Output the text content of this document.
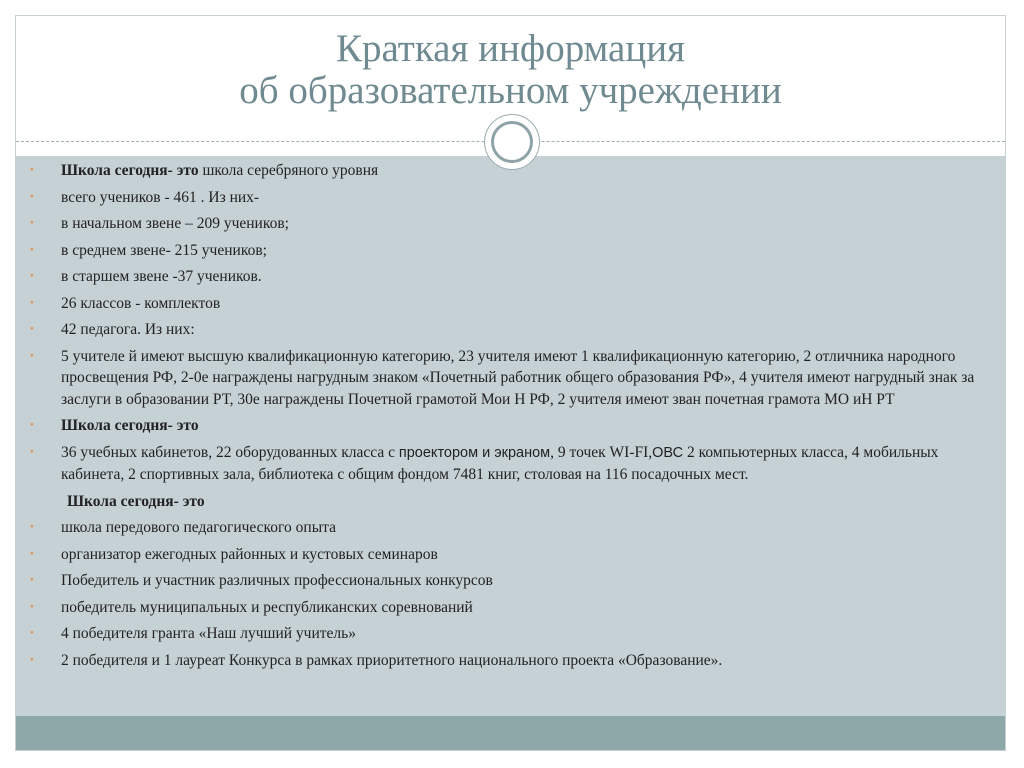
Краткая информация
об образовательном учреждении
• Школа сегодня- это школа серебряного уровня
• всего учеников - 461 . Из них-
• в начальном звене – 209 учеников;
• в среднем звене- 215 учеников;
• в старшем звене -37 учеников.
• 26 классов - комплектов
• 42 педагога. Из них:
• 5 учителе й имеют высшую квалификационную категорию, 23 учителя имеют 1 квалификационную категорию, 2 отличника народного просвещения РФ, 2-0е награждены нагрудным знаком «Почетный работник общего образования РФ», 4 учителя имеют нагрудный знак за заслуги в образовании РТ, 30е награждены Почетной грамотой Мои Н РФ, 2 учителя имеют зван почетная грамота МО иН РТ
• Школа сегодня- это
• 36 учебных кабинетов, 22 оборудованных класса с проектором и экраном, 9 точек WI-FI,ОВС 2 компьютерных класса, 4 мобильных кабинета, 2 спортивных зала, библиотека с общим фондом 7481 книг, столовая на 116 посадочных мест.
Школа сегодня- это
• школа передового педагогического опыта
• организатор ежегодных районных и кустовых семинаров
• Победитель и участник различных профессиональных конкурсов
• победитель муниципальных и республиканских соревнований
• 4 победителя гранта «Наш лучший учитель»
• 2 победителя и 1 лауреат Конкурса в рамках приоритетного национального проекта «Образование».
